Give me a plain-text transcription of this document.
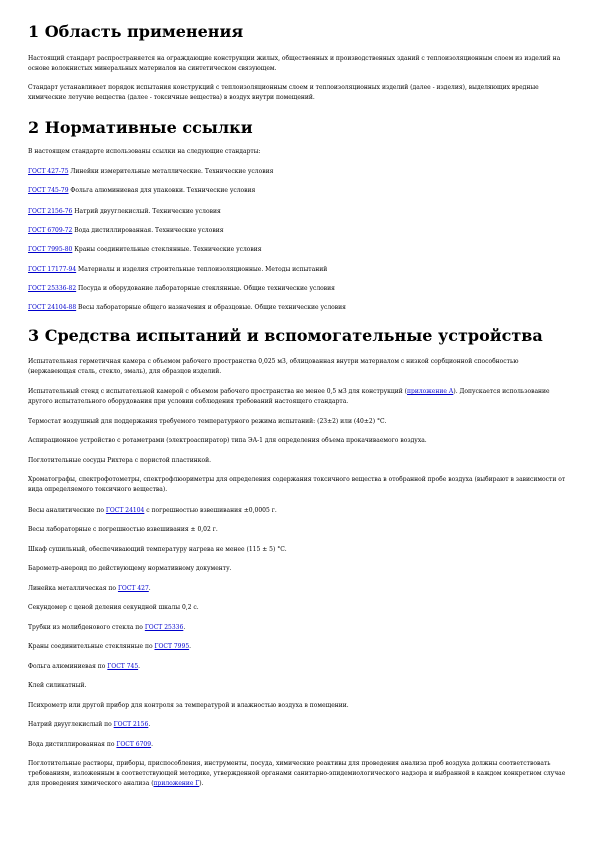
1 Область применения

Настоящий стандарт распространяется на ограждающие конструкции жилых, общественных и производственных зданий с теплоизоляционным слоем из изделий на основе волокнистых минеральных материалов на синтетическом связующем.

Стандарт устанавливает порядок испытания конструкций с теплоизоляционным слоем и теплоизоляционных изделий (далее - изделия), выделяющих вредные химические летучие вещества (далее - токсичные вещества) в воздух внутри помещений.

2 Нормативные ссылки

В настоящем стандарте использованы ссылки на следующие стандарты:

ГОСТ 427-75 Линейки измерительные металлические. Технические условия

ГОСТ 745-79 Фольга алюминиевая для упаковки. Технические условия

ГОСТ 2156-76 Натрий двууглекислый. Технические условия

ГОСТ 6709-72 Вода дистиллированная. Технические условия

ГОСТ 7995-80 Краны соединительные стеклянные. Технические условия

ГОСТ 17177-94 Материалы и изделия строительные теплоизоляционные. Методы испытаний

ГОСТ 25336-82 Посуда и оборудование лабораторные стеклянные. Общие технические условия

ГОСТ 24104-88 Весы лабораторные общего назначения и образцовые. Общие технические условия

3 Средства испытаний и вспомогательные устройства

Испытательная герметичная камера с объемом рабочего пространства 0,025 м3, облицованная внутри материалом с низкой сорбционной способностью (нержавеющая сталь, стекло, эмаль), для образцов изделий.

Испытательный стенд с испытательной камерой с объемом рабочего пространства не менее 0,5 м3 для конструкций (приложение А). Допускается использование другого испытательного оборудования при условии соблюдения требований настоящего стандарта.

Термостат воздушный для поддержания требуемого температурного режима испытаний: (23±2) или (40±2) °С.

Аспирационное устройство с ротаметрами (электроаспиратор) типа ЭА-1 для определения объема прокачиваемого воздуха.

Поглотительные сосуды Рихтера с пористой пластинкой.

Хроматографы, спектрофотометры, спектрофлюориметры для определения содержания токсичного вещества в отобранной пробе воздуха (выбирают в зависимости от вида определяемого токсичного вещества).

Весы аналитические по ГОСТ 24104 с погрешностью взвешивания ±0,0005 г.

Весы лабораторные с погрешностью взвешивания ± 0,02 г.

Шкаф сушильный, обеспечивающий температуру нагрева не менее (115 ± 5) °С.

Барометр-анероид по действующему нормативному документу.

Линейка металлическая по ГОСТ 427.

Секундомер с ценой деления секундной шкалы 0,2 с.

Трубки из молибденового стекла по ГОСТ 25336.

Краны соединительные стеклянные по ГОСТ 7995.

Фольга алюминиевая по ГОСТ 745.

Клей силикатный.

Психрометр или другой прибор для контроля за температурой и влажностью воздуха в помещении.

Натрий двууглекислый по ГОСТ 2156.

Вода дистиллированная по ГОСТ 6709.

Поглотительные растворы, приборы, приспособления, инструменты, посуда, химические реактивы для проведения анализа проб воздуха должны соответствовать требованиям, изложенным в соответствующей методике, утвержденной органами санитарно-эпидемиологического надзора и выбранной в каждом конкретном случае для проведения химического анализа (приложение Г).
